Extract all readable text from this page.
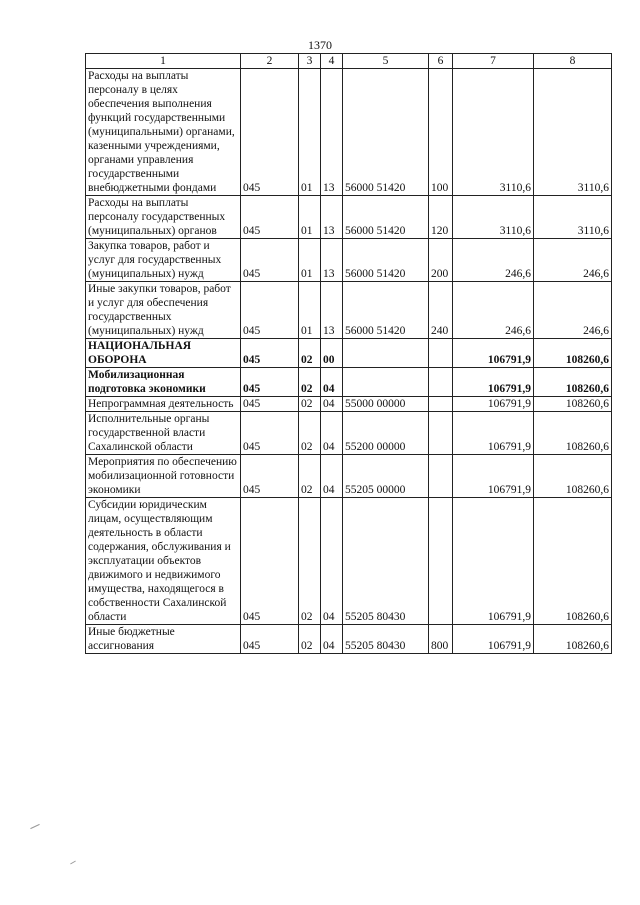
1370
1	2	3	4	5	6	7	8
Расходы на выплаты персоналу в целях обеспечения выполнения функций государственными (муниципальными) органами, казенными учреждениями, органами управления государственными внебюджетными фондами	045	01	13	56000 51420	100	3110,6	3110,6
Расходы на выплаты персоналу государственных (муниципальных) органов	045	01	13	56000 51420	120	3110,6	3110,6
Закупка товаров, работ и услуг для государственных (муниципальных) нужд	045	01	13	56000 51420	200	246,6	246,6
Иные закупки товаров, работ и услуг для обеспечения государственных (муниципальных) нужд	045	01	13	56000 51420	240	246,6	246,6
НАЦИОНАЛЬНАЯ ОБОРОНА	045	02	00			106791,9	108260,6
Мобилизационная подготовка экономики	045	02	04			106791,9	108260,6
Непрограммная деятельность	045	02	04	55000 00000		106791,9	108260,6
Исполнительные органы государственной власти Сахалинской области	045	02	04	55200 00000		106791,9	108260,6
Мероприятия по обеспечению мобилизационной готовности экономики	045	02	04	55205 00000		106791,9	108260,6
Субсидии юридическим лицам, осуществляющим деятельность в области содержания, обслуживания и эксплуатации объектов движимого и недвижимого имущества, находящегося в собственности Сахалинской области	045	02	04	55205 80430		106791,9	108260,6
Иные бюджетные ассигнования	045	02	04	55205 80430	800	106791,9	108260,6
